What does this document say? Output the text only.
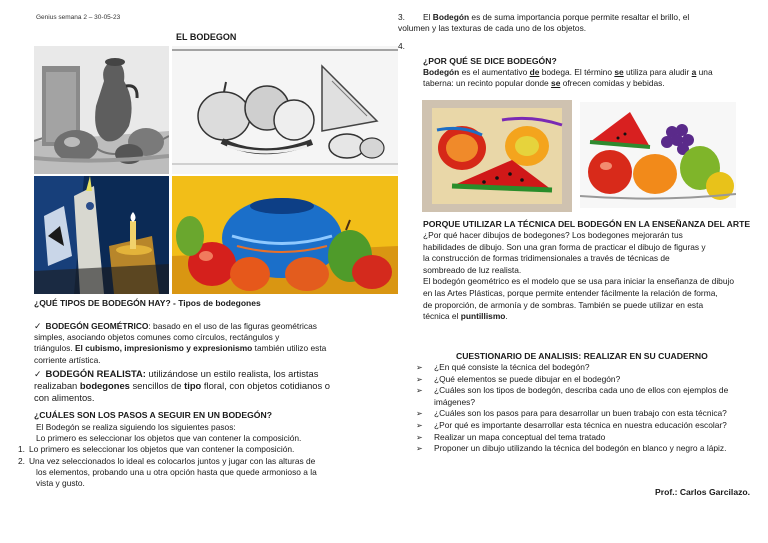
Genius semana 2 – 30-05-23
EL BODEGON
¿QUÉ TIPOS DE BODEGÓN HAY? - Tipos de bodegones
✓ BODEGÓN GEOMÉTRICO: basado en el uso de las figuras geométricas
simples, asociando objetos comunes como círculos, rectángulos y
triángulos. El cubismo, impresionismo y expresionismo también utilizo esta
corriente artística.
✓ BODEGÓN REALISTA: utilizándose un estilo realista, los artistas
realizaban bodegones sencillos de tipo floral, con objetos cotidianos o
con alimentos.
¿CUÁLES SON LOS PASOS A SEGUIR EN UN BODEGÓN?
El Bodegón se realiza siguiendo los siguientes pasos:
Lo primero es seleccionar los objetos que van contener la composición.
1. Lo primero es seleccionar los objetos que van contener la composición.
2. Una vez seleccionados lo ideal es colocarlos juntos y jugar con las alturas de
los elementos, probando una u otra opción hasta que quede armonioso a la
vista y gusto.
3. El Bodegón es de suma importancia porque permite resaltar el brillo, el
volumen y las texturas de cada uno de los objetos.
4.
¿POR QUÉ SE DICE BODEGÓN?
Bodegón es el aumentativo de bodega. El término se utiliza para aludir a una
taberna: un recinto popular donde se ofrecen comidas y bebidas.
PORQUE UTILIZAR LA TÉCNICA DEL BODEGÓN EN LA ENSEÑANZA DEL ARTE
¿Por qué hacer dibujos de bodegones? Los bodegones mejorarán tus
habilidades de dibujo. Son una gran forma de practicar el dibujo de figuras y
la construcción de formas tridimensionales a través de técnicas de
sombreado de luz realista.
El bodegón geométrico es el modelo que se usa para iniciar la enseñanza de dibujo
en las Artes Plásticas, porque permite entender fácilmente la relación de forma,
de proporción, de armonía y de sombras. También se puede utilizar en esta
técnica el puntillismo.
CUESTIONARIO DE ANALISIS: REALIZAR EN SU CUADERNO
➢ ¿En qué consiste la técnica del bodegón?
➢ ¿Qué elementos se puede dibujar en el bodegón?
➢ ¿Cuáles son los tipos de bodegón, describa cada uno de ellos con ejemplos de
imágenes?
➢ ¿Cuáles son los pasos para para desarrollar un buen trabajo con esta técnica?
➢ ¿Por qué es importante desarrollar esta técnica en nuestra educación escolar?
➢ Realizar un mapa conceptual del tema tratado
➢ Proponer un dibujo utilizando la técnica del bodegón en blanco y negro a lápiz.
Prof.: Carlos Garcilazo.
